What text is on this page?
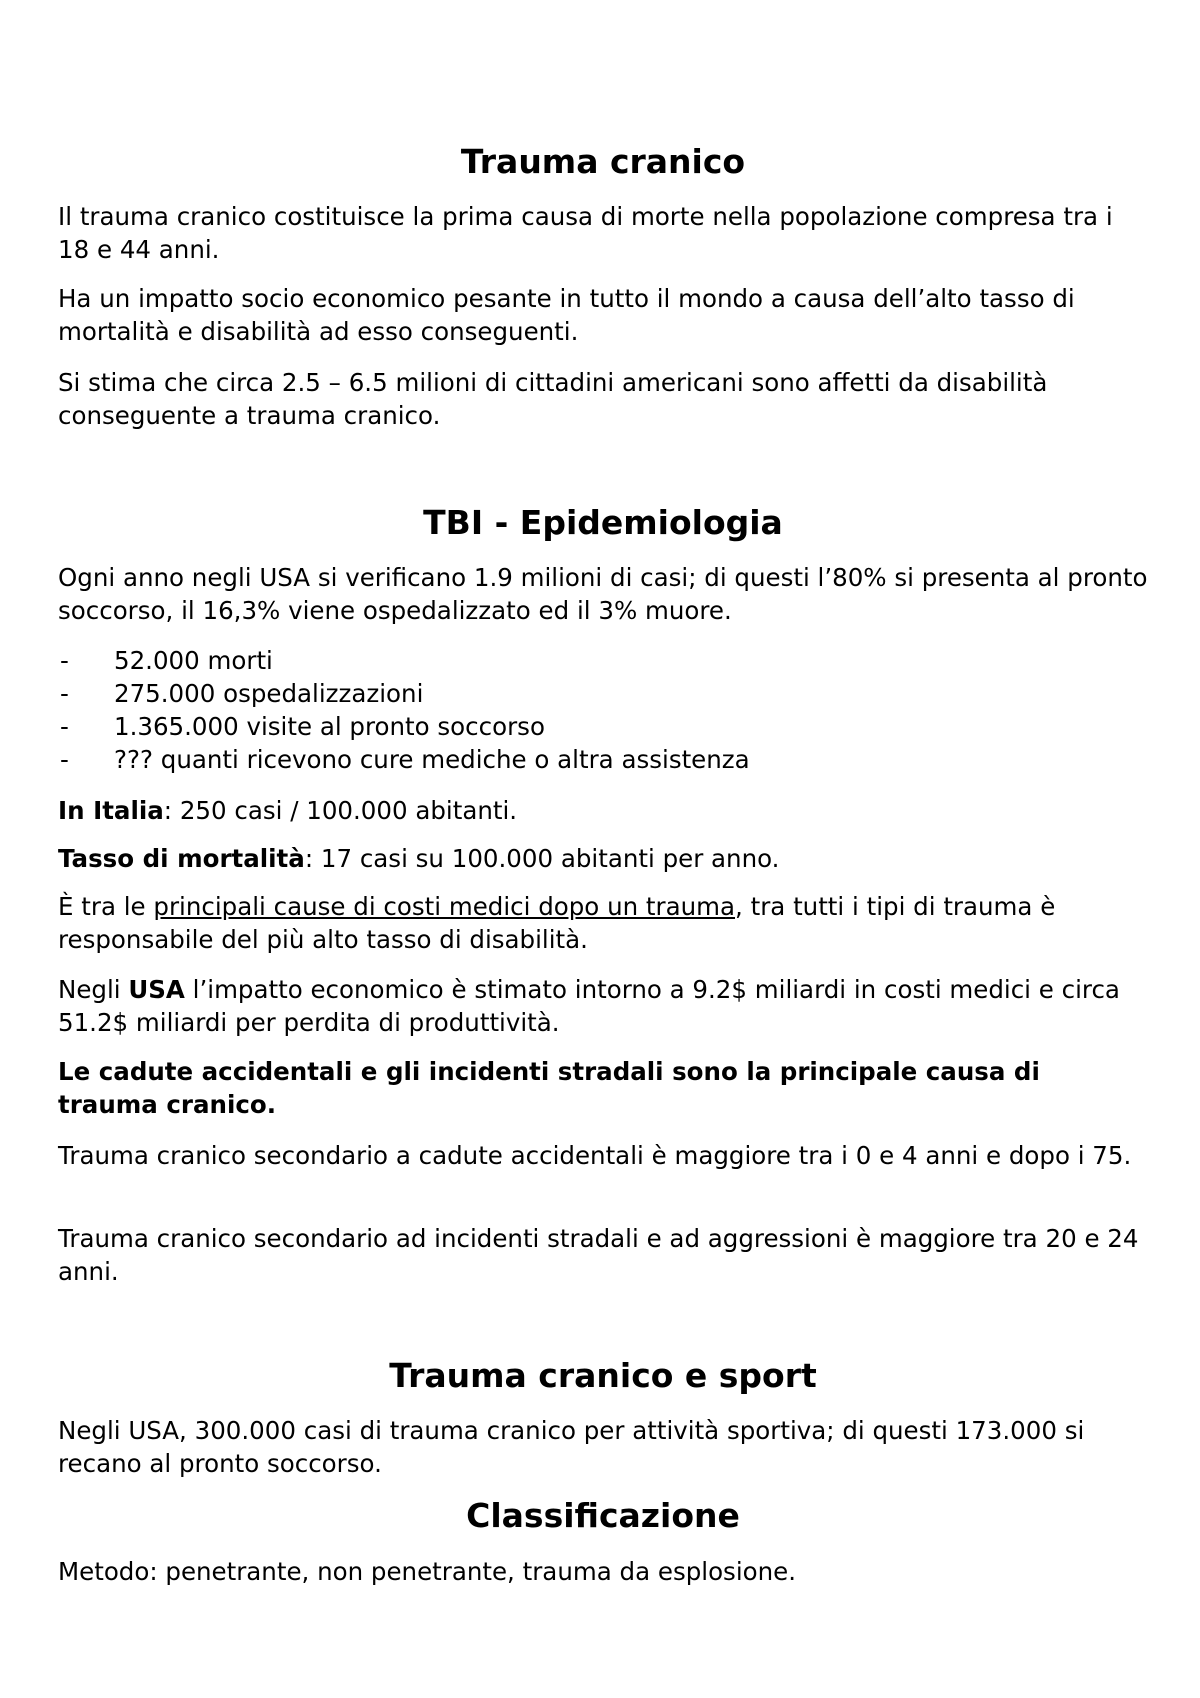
Trauma cranico

Il trauma cranico costituisce la prima causa di morte nella popolazione compresa tra i 18 e 44 anni.

Ha un impatto socio economico pesante in tutto il mondo a causa dell’alto tasso di mortalità e disabilità ad esso conseguenti.

Si stima che circa 2.5 – 6.5 milioni di cittadini americani sono affetti da disabilità conseguente a trauma cranico.

TBI - Epidemiologia

Ogni anno negli USA si verificano 1.9 milioni di casi; di questi l’80% si presenta al pronto soccorso, il 16,3% viene ospedalizzato ed il 3% muore.

- 52.000 morti
- 275.000 ospedalizzazioni
- 1.365.000 visite al pronto soccorso
- ??? quanti ricevono cure mediche o altra assistenza

In Italia: 250 casi / 100.000 abitanti.

Tasso di mortalità: 17 casi su 100.000 abitanti per anno.

È tra le principali cause di costi medici dopo un trauma, tra tutti i tipi di trauma è responsabile del più alto tasso di disabilità.

Negli USA l’impatto economico è stimato intorno a 9.2$ miliardi in costi medici e circa 51.2$ miliardi per perdita di produttività.

Le cadute accidentali e gli incidenti stradali sono la principale causa di trauma cranico.

Trauma cranico secondario a cadute accidentali è maggiore tra i 0 e 4 anni e dopo i 75.

Trauma cranico secondario ad incidenti stradali e ad aggressioni è maggiore tra 20 e 24 anni.

Trauma cranico e sport

Negli USA, 300.000 casi di trauma cranico per attività sportiva; di questi 173.000 si recano al pronto soccorso.

Classificazione

Metodo: penetrante, non penetrante, trauma da esplosione.
